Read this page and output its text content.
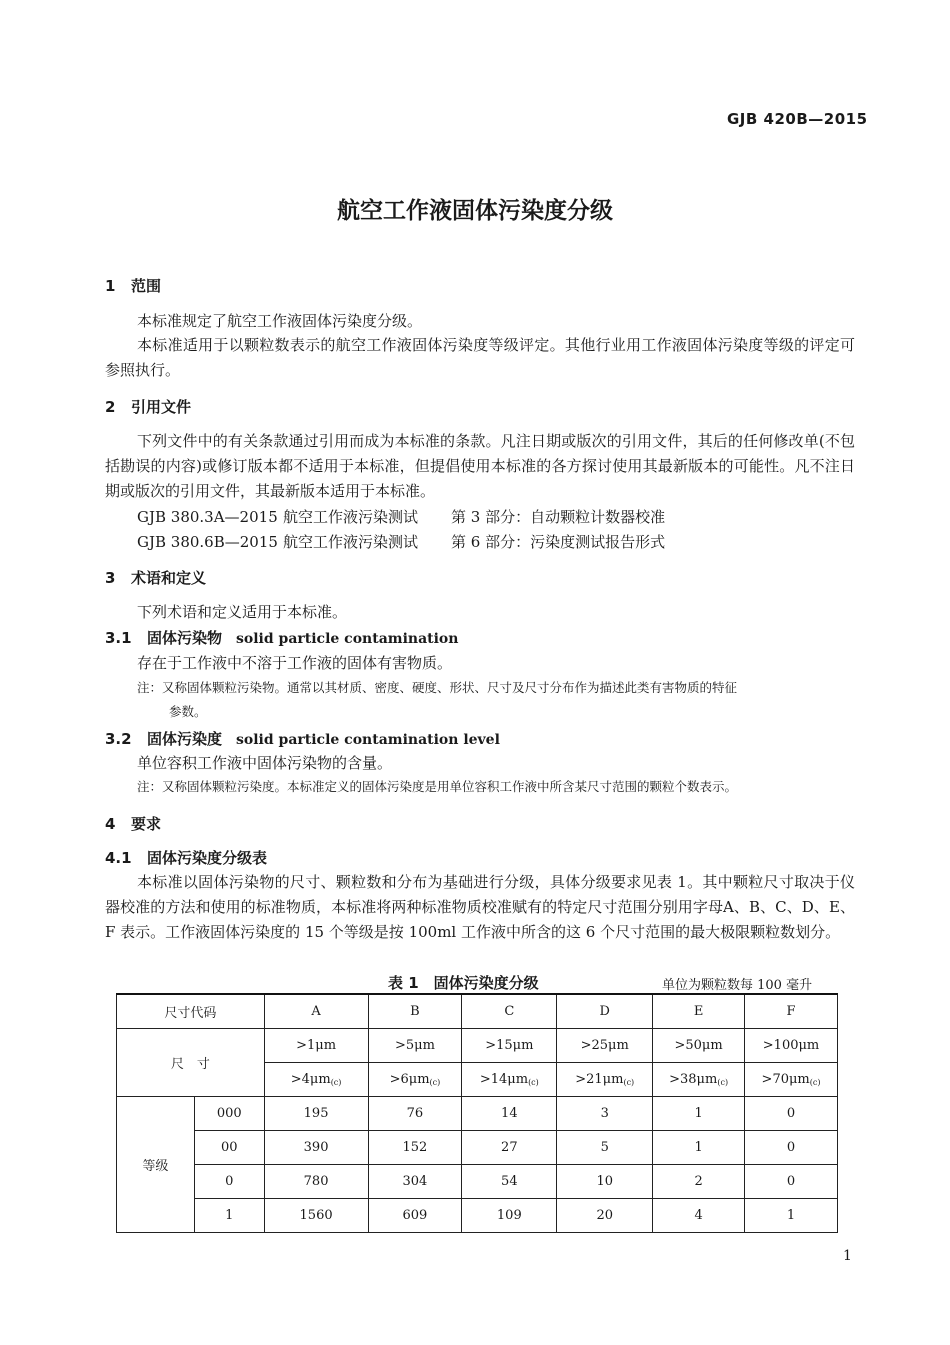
GJB 420B—2015
航空工作液固体污染度分级
1 范围
本标准规定了航空工作液固体污染度分级。
本标准适用于以颗粒数表示的航空工作液固体污染度等级评定。其他行业用工作液固体污染度等级的评定可参照执行。
2 引用文件
下列文件中的有关条款通过引用而成为本标准的条款。凡注日期或版次的引用文件，其后的任何修改单(不包括勘误的内容)或修订版本都不适用于本标准，但提倡使用本标准的各方探讨使用其最新版本的可能性。凡不注日期或版次的引用文件，其最新版本适用于本标准。
GJB 380.3A—2015 航空工作液污染测试 第 3 部分：自动颗粒计数器校准
GJB 380.6B—2015 航空工作液污染测试 第 6 部分：污染度测试报告形式
3 术语和定义
下列术语和定义适用于本标准。
3.1 固体污染物 solid particle contamination
存在于工作液中不溶于工作液的固体有害物质。
注：又称固体颗粒污染物。通常以其材质、密度、硬度、形状、尺寸及尺寸分布作为描述此类有害物质的特征
参数。
3.2 固体污染度 solid particle contamination level
单位容积工作液中固体污染物的含量。
注：又称固体颗粒污染度。本标准定义的固体污染度是用单位容积工作液中所含某尺寸范围的颗粒个数表示。
4 要求
4.1 固体污染度分级表
本标准以固体污染物的尺寸、颗粒数和分布为基础进行分级，具体分级要求见表 1。其中颗粒尺寸取决于仪器校准的方法和使用的标准物质，本标准将两种标准物质校准赋有的特定尺寸范围分别用字母A、B、C、D、E、F 表示。工作液固体污染度的 15 个等级是按 100ml 工作液中所含的这 6 个尺寸范围的最大极限颗粒数划分。
表 1　固体污染度分级	单位为颗粒数每 100 毫升
尺寸代码		A	B	C	D	E	F
尺　寸		>1μm	>5μm	>15μm	>25μm	>50μm	>100μm
		$>4\mu m_{(c)}$	$>6\mu m_{(c)}$	$>14\mu m_{(c)}$	$>21\mu m_{(c)}$	$>38\mu m_{(c)}$	$>70\mu m_{(c)}$
等级	000	195	76	14	3	1	0
	00	390	152	27	5	1	0
	0	780	304	54	10	2	0
	1	1560	609	109	20	4	1
1
